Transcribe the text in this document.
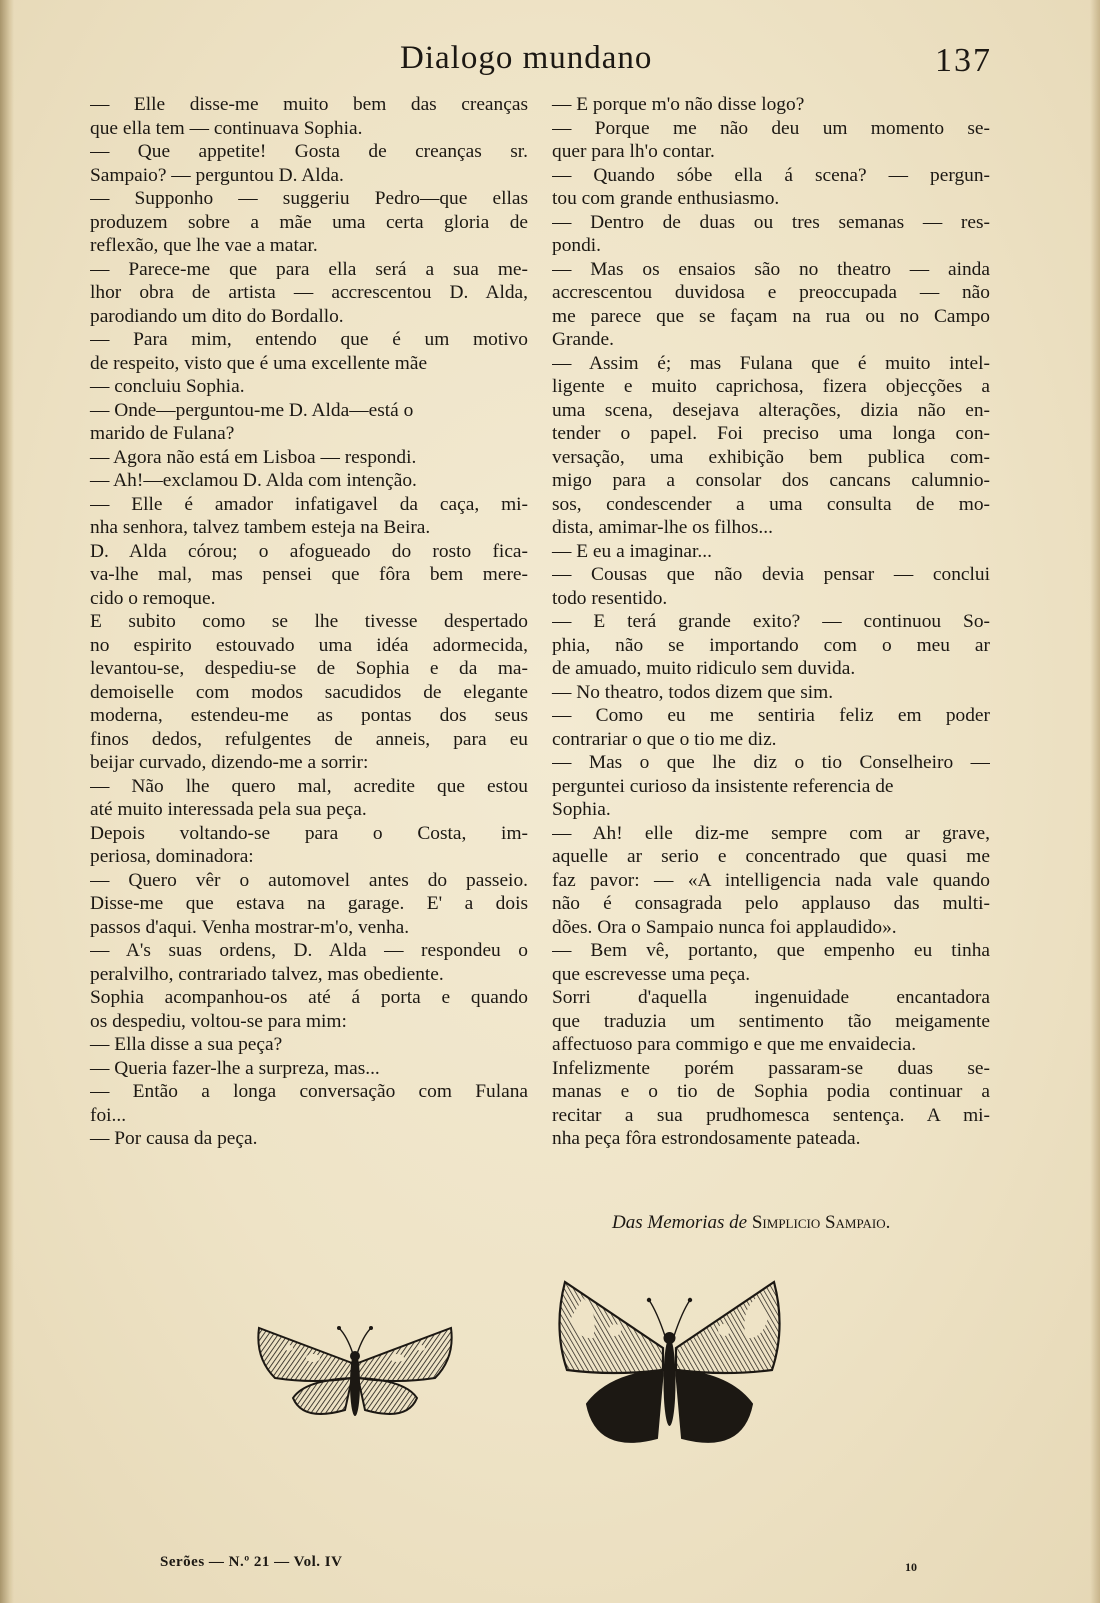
Dialogo mundano	137
— Elle disse-me muito bem das creanças
que ella tem — continuava Sophia.
— Que appetite! Gosta de creanças sr.
Sampaio? — perguntou D. Alda.
— Supponho — suggeriu Pedro—que ellas
produzem sobre a mãe uma certa gloria de
reflexão, que lhe vae a matar.
— Parece-me que para ella será a sua me-
lhor obra de artista — accrescentou D. Alda,
parodiando um dito do Bordallo.
— Para mim, entendo que é um motivo
de respeito, visto que é uma excellente mãe
— concluiu Sophia.
— Onde—perguntou-me D. Alda—está o
marido de Fulana?
— Agora não está em Lisboa — respondi.
— Ah!—exclamou D. Alda com intenção.
— Elle é amador infatigavel da caça, mi-
nha senhora, talvez tambem esteja na Beira.
D. Alda córou; o afogueado do rosto fica-
va-lhe mal, mas pensei que fôra bem mere-
cido o remoque.
E subito como se lhe tivesse despertado
no espirito estouvado uma idéa adormecida,
levantou-se, despediu-se de Sophia e da ma-
demoiselle com modos sacudidos de elegante
moderna, estendeu-me as pontas dos seus
finos dedos, refulgentes de anneis, para eu
beijar curvado, dizendo-me a sorrir:
— Não lhe quero mal, acredite que estou
até muito interessada pela sua peça.
Depois voltando-se para o Costa, im-
periosa, dominadora:
— Quero vêr o automovel antes do passeio.
Disse-me que estava na garage. E' a dois
passos d'aqui. Venha mostrar-m'o, venha.
— A's suas ordens, D. Alda — respondeu o
peralvilho, contrariado talvez, mas obediente.
Sophia acompanhou-os até á porta e quando
os despediu, voltou-se para mim:
— Ella disse a sua peça?
— Queria fazer-lhe a surpreza, mas...
— Então a longa conversação com Fulana
foi...
— Por causa da peça.
— E porque m'o não disse logo?
— Porque me não deu um momento se-
quer para lh'o contar.
— Quando sóbe ella á scena? — pergun-
tou com grande enthusiasmo.
— Dentro de duas ou tres semanas — res-
pondi.
— Mas os ensaios são no theatro — ainda
accrescentou duvidosa e preoccupada — não
me parece que se façam na rua ou no Campo
Grande.
— Assim é; mas Fulana que é muito intel-
ligente e muito caprichosa, fizera objecções a
uma scena, desejava alterações, dizia não en-
tender o papel. Foi preciso uma longa con-
versação, uma exhibição bem publica com-
migo para a consolar dos cancans calumnio-
sos, condescender a uma consulta de mo-
dista, amimar-lhe os filhos...
— E eu a imaginar...
— Cousas que não devia pensar — conclui
todo resentido.
— E terá grande exito? — continuou So-
phia, não se importando com o meu ar
de amuado, muito ridiculo sem duvida.
— No theatro, todos dizem que sim.
— Como eu me sentiria feliz em poder
contrariar o que o tio me diz.
— Mas o que lhe diz o tio Conselheiro —
perguntei curioso da insistente referencia de
Sophia.
— Ah! elle diz-me sempre com ar grave,
aquelle ar serio e concentrado que quasi me
faz pavor: — «A intelligencia nada vale quando
não é consagrada pelo applauso das multi-
dões. Ora o Sampaio nunca foi applaudido».
— Bem vê, portanto, que empenho eu tinha
que escrevesse uma peça.
Sorri d'aquella ingenuidade encantadora
que traduzia um sentimento tão meigamente
affectuoso para commigo e que me envaidecia.
Infelizmente porém passaram-se duas se-
manas e o tio de Sophia podia continuar a
recitar a sua prudhomesca sentença. A mi-
nha peça fôra estrondosamente pateada.
Das Memorias de Simplicio Sampaio.
Serões — N.º 21 — Vol. IV	10
